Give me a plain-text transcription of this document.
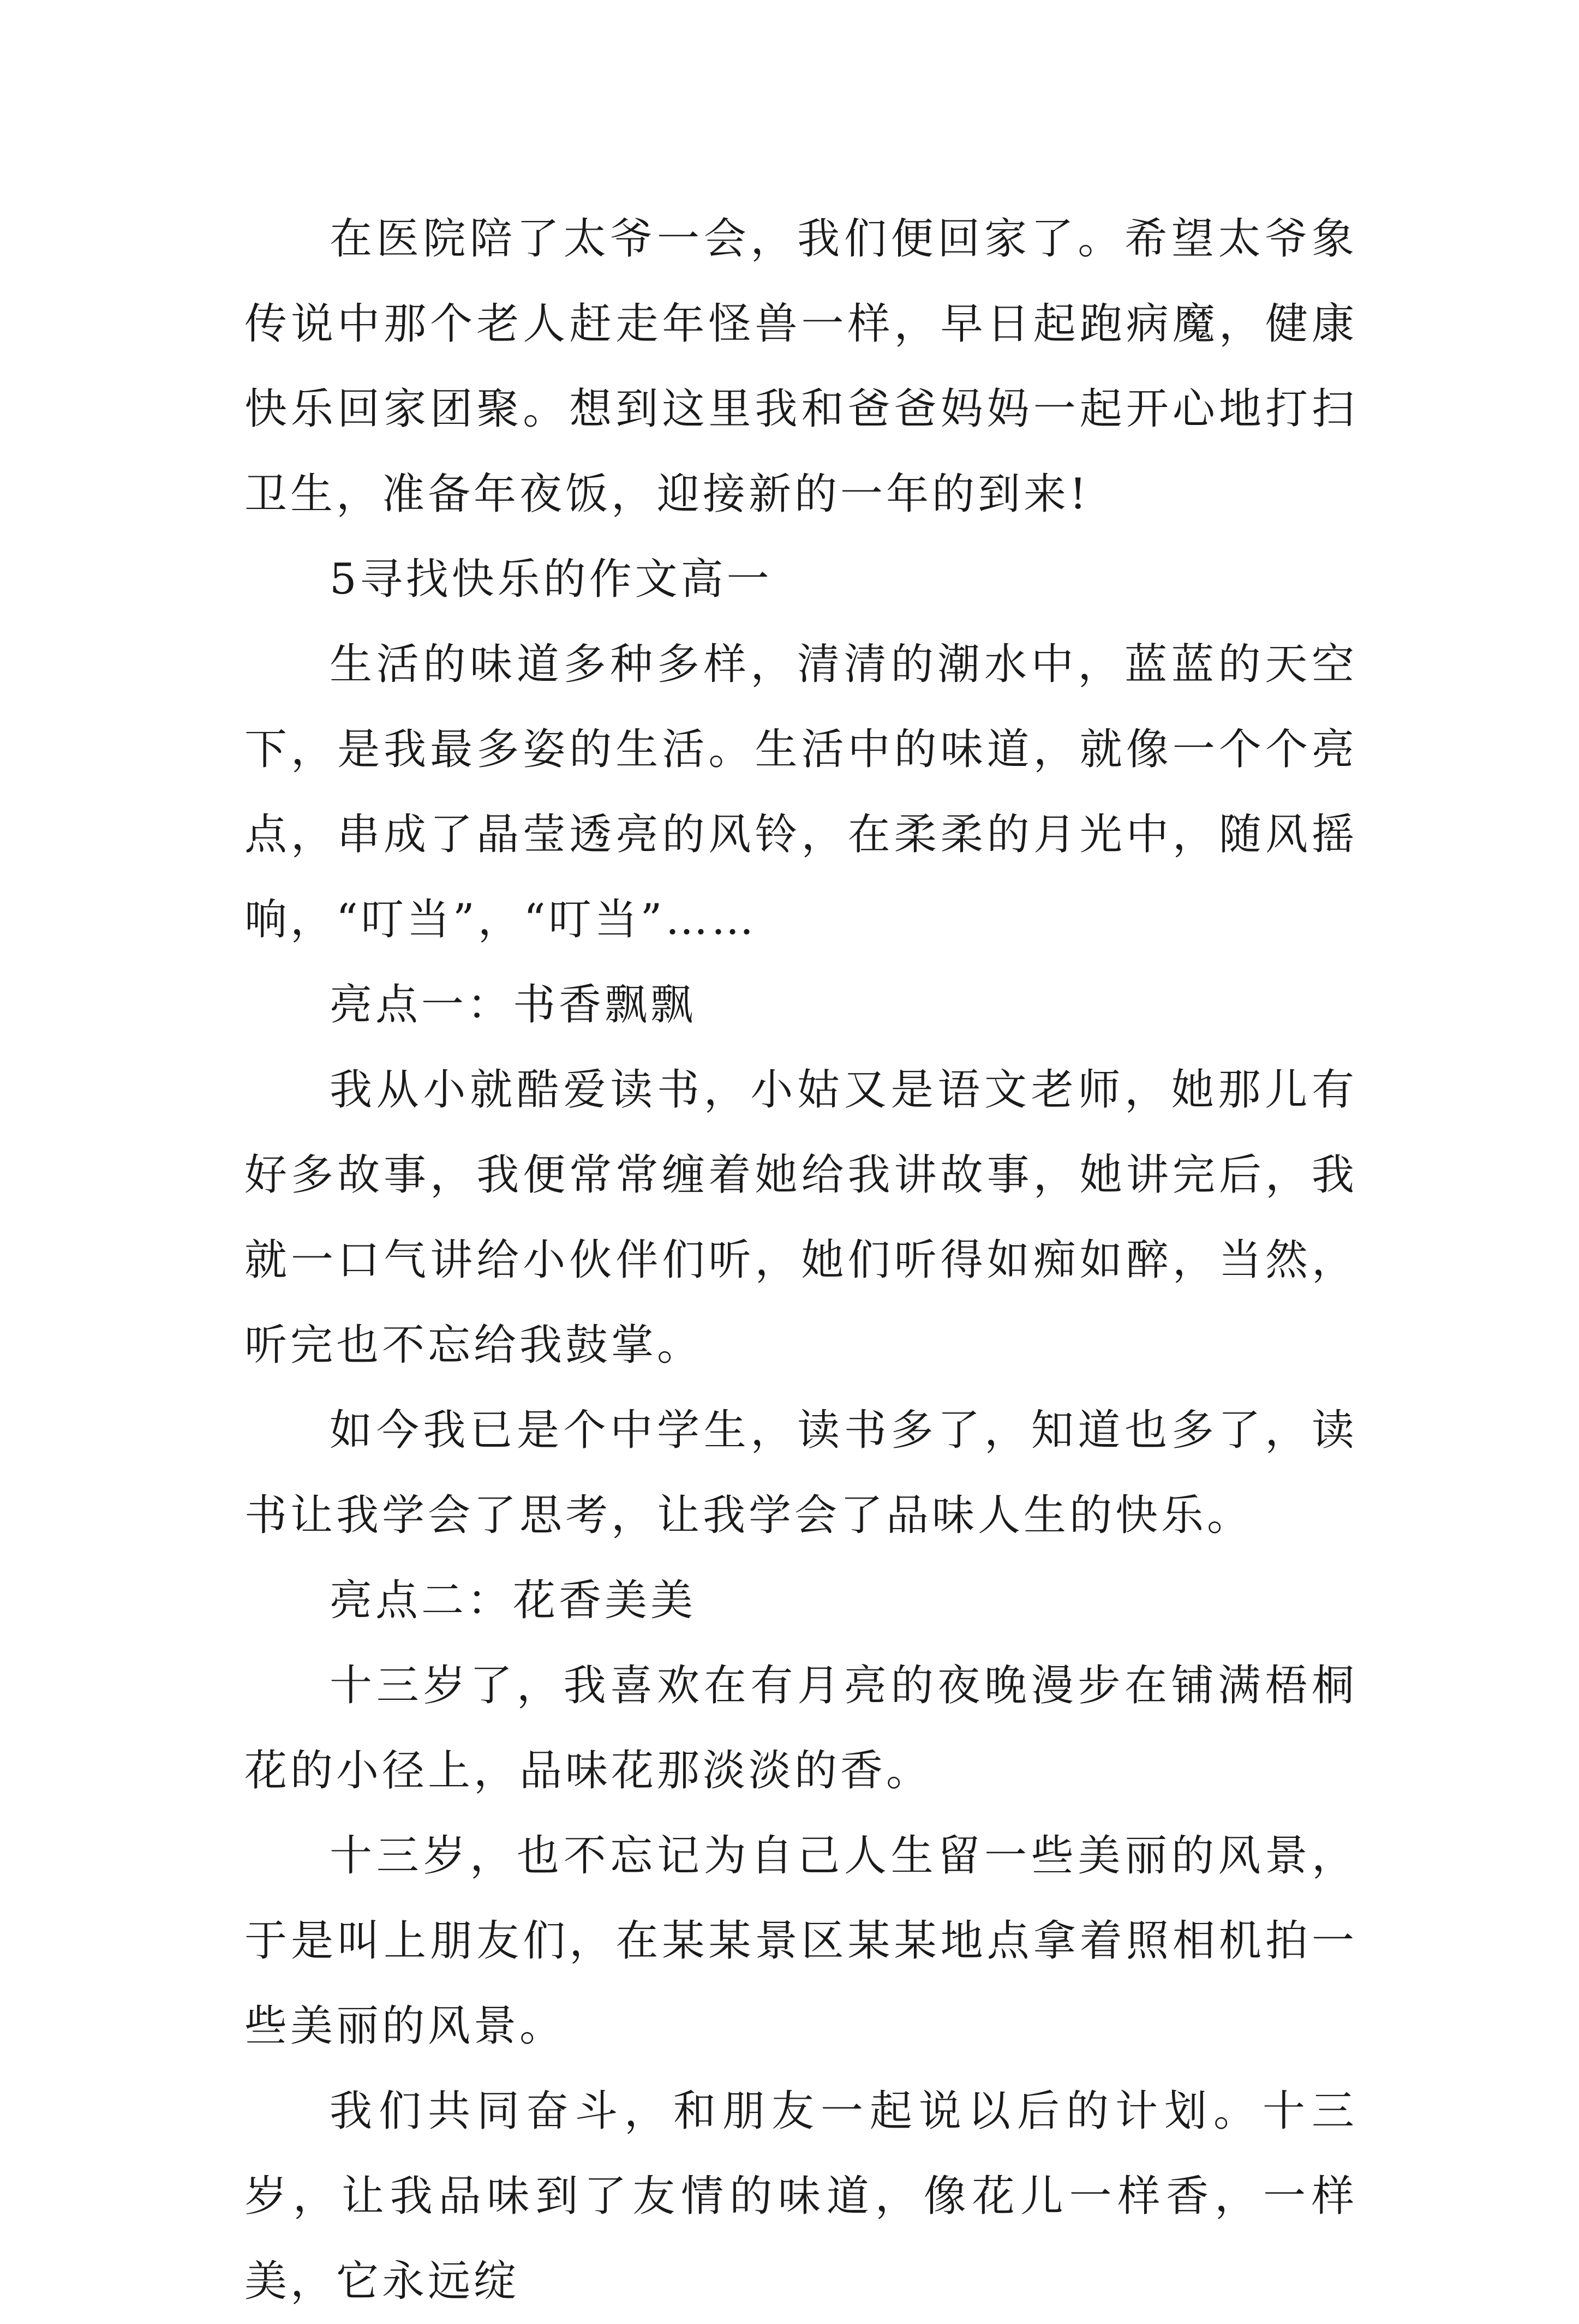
在医院陪了太爷一会，我们便回家了。希望太爷象传说中那个老人赶走年怪兽一样，早日起跑病魔，健康快乐回家团聚。想到这里我和爸爸妈妈一起开心地打扫卫生，准备年夜饭，迎接新的一年的到来!

5寻找快乐的作文高一

生活的味道多种多样，清清的潮水中，蓝蓝的天空下，是我最多姿的生活。生活中的味道，就像一个个亮点，串成了晶莹透亮的风铃，在柔柔的月光中，随风摇响，“叮当”，“叮当”……

亮点一：书香飘飘

我从小就酷爱读书，小姑又是语文老师，她那儿有好多故事，我便常常缠着她给我讲故事，她讲完后，我就一口气讲给小伙伴们听，她们听得如痴如醉，当然，听完也不忘给我鼓掌。

如今我已是个中学生，读书多了，知道也多了，读书让我学会了思考，让我学会了品味人生的快乐。

亮点二：花香美美

十三岁了，我喜欢在有月亮的夜晚漫步在铺满梧桐花的小径上，品味花那淡淡的香。

十三岁，也不忘记为自己人生留一些美丽的风景，于是叫上朋友们，在某某景区某某地点拿着照相机拍一些美丽的风景。

我们共同奋斗，和朋友一起说以后的计划。十三岁，让我品味到了友情的味道，像花儿一样香，一样美，它永远绽
